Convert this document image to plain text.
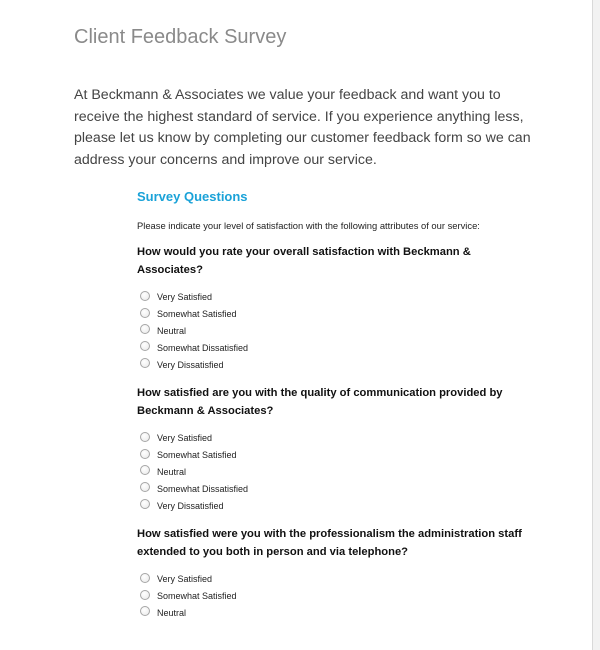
Client Feedback Survey

At Beckmann & Associates we value your feedback and want you to receive the highest standard of service. If you experience anything less, please let us know by completing our customer feedback form so we can address your concerns and improve our service.

Survey Questions

Please indicate your level of satisfaction with the following attributes of our service:

How would you rate your overall satisfaction with Beckmann & Associates?

Very Satisfied
Somewhat Satisfied
Neutral
Somewhat Dissatisfied
Very Dissatisfied

How satisfied are you with the quality of communication provided by Beckmann & Associates?

Very Satisfied
Somewhat Satisfied
Neutral
Somewhat Dissatisfied
Very Dissatisfied

How satisfied were you with the professionalism the administration staff extended to you both in person and via telephone?

Very Satisfied
Somewhat Satisfied
Neutral
